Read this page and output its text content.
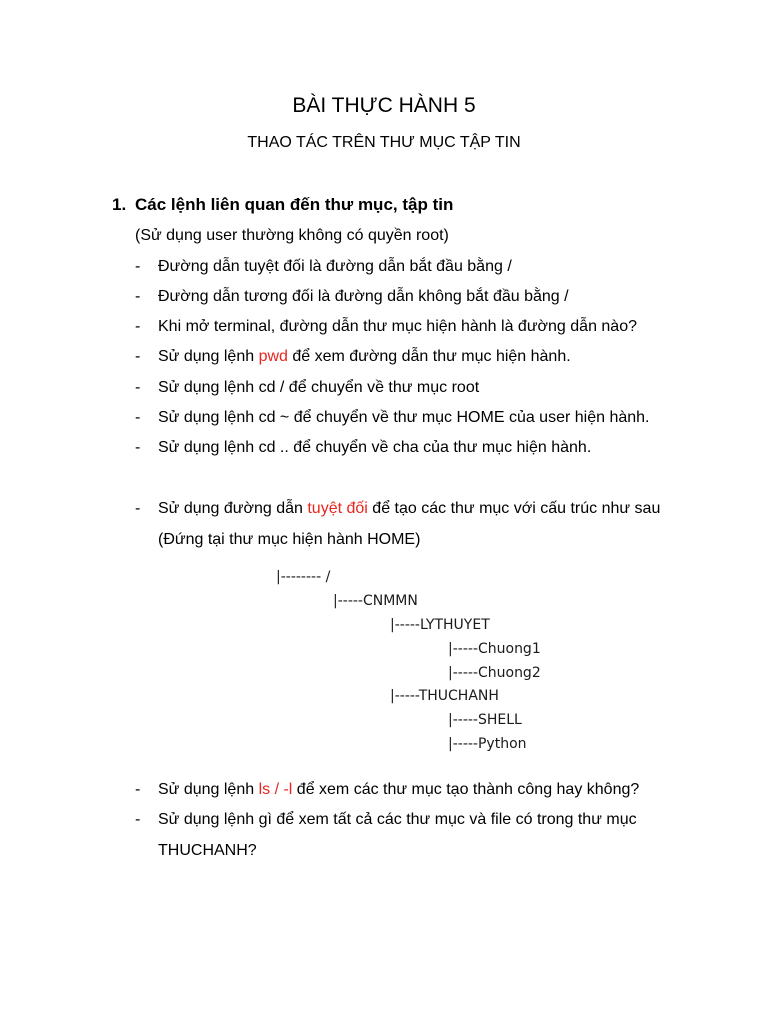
BÀI THỰC HÀNH 5
THAO TÁC TRÊN THƯ MỤC TẬP TIN
1. Các lệnh liên quan đến thư mục, tập tin
(Sử dụng user thường không có quyền root)
- Đường dẫn tuyệt đối là đường dẫn bắt đầu bằng /
- Đường dẫn tương đối là đường dẫn không bắt đầu bằng /
- Khi mở terminal, đường dẫn thư mục hiện hành là đường dẫn nào?
- Sử dụng lệnh pwd để xem đường dẫn thư mục hiện hành.
- Sử dụng lệnh cd / để chuyển về thư mục root
- Sử dụng lệnh cd ~ để chuyển về thư mục HOME của user hiện hành.
- Sử dụng lệnh cd .. để chuyển về cha của thư mục hiện hành.
- Sử dụng đường dẫn tuyệt đối để tạo các thư mục với cấu trúc như sau
(Đứng tại thư mục hiện hành HOME)
|-------- /
|-----CNMMN
|-----LYTHUYET
|-----Chuong1
|-----Chuong2
|-----THUCHANH
|-----SHELL
|-----Python
- Sử dụng lệnh ls / -l để xem các thư mục tạo thành công hay không?
- Sử dụng lệnh gì để xem tất cả các thư mục và file có trong thư mục
THUCHANH?
